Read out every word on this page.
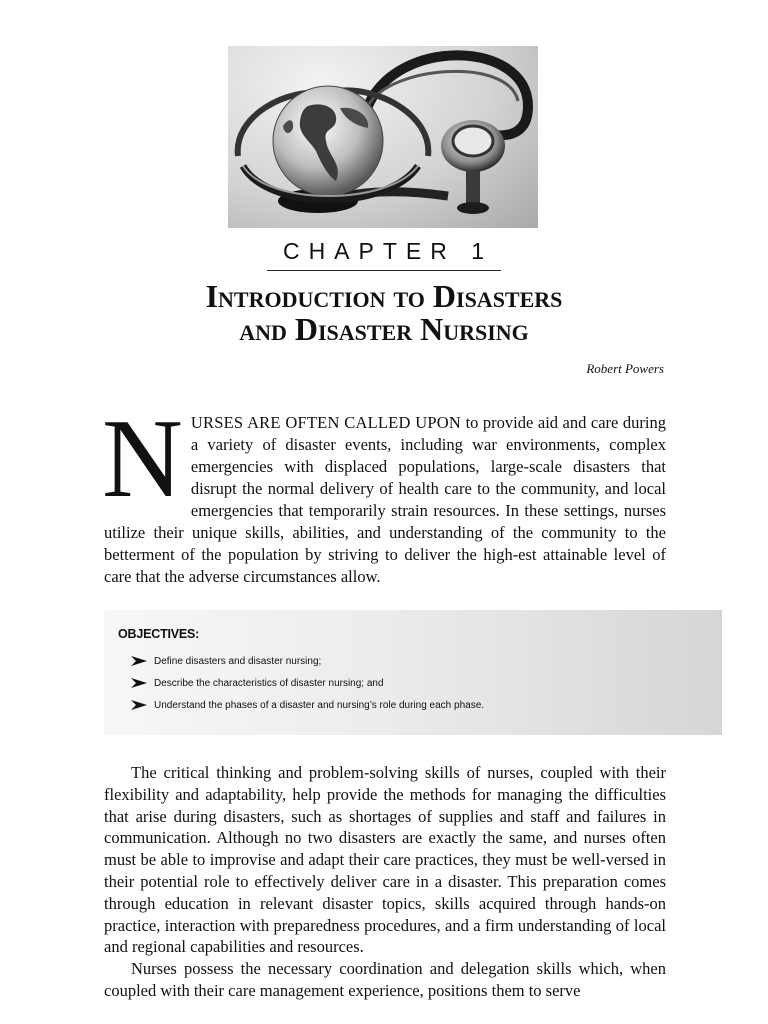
CHAPTER 1
Introduction to Disasters
and Disaster Nursing
Robert Powers

NURSES ARE OFTEN CALLED UPON to provide aid and care during a variety of disaster events, including war environments, complex emergencies with displaced populations, large-scale disasters that disrupt the normal delivery of health care to the community, and local emergencies that temporarily strain resources. In these settings, nurses utilize their unique skills, abilities, and understanding of the community to the betterment of the population by striving to deliver the high-est attainable level of care that the adverse circumstances allow.

OBJECTIVES:
Define disasters and disaster nursing;
Describe the characteristics of disaster nursing; and
Understand the phases of a disaster and nursing’s role during each phase.

The critical thinking and problem-solving skills of nurses, coupled with their flexibility and adaptability, help provide the methods for managing the difficulties that arise during disasters, such as shortages of supplies and staff and failures in communication. Although no two disasters are exactly the same, and nurses often must be able to improvise and adapt their care practices, they must be well-versed in their potential role to effectively deliver care in a disaster. This preparation comes through education in relevant disaster topics, skills acquired through hands-on practice, interaction with preparedness procedures, and a firm understanding of local and regional capabilities and resources.

Nurses possess the necessary coordination and delegation skills which, when coupled with their care management experience, positions them to serve
